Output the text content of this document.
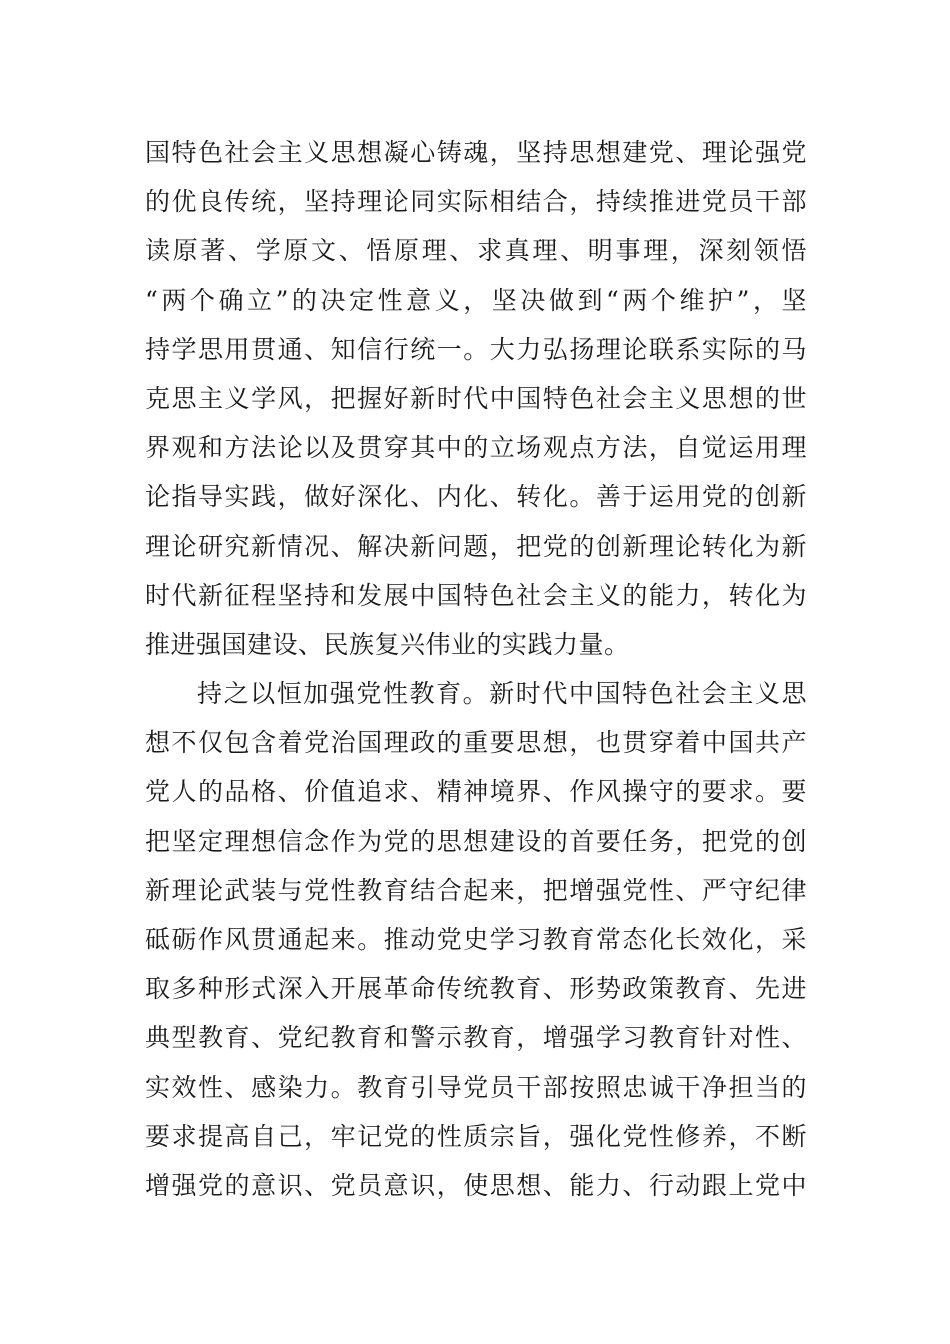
国特色社会主义思想凝心铸魂，坚持思想建党、理论强党
的优良传统，坚持理论同实际相结合，持续推进党员干部
读原著、学原文、悟原理、求真理、明事理，深刻领悟
“两个确立”的决定性意义，坚决做到“两个维护”，坚
持学思用贯通、知信行统一。大力弘扬理论联系实际的马
克思主义学风，把握好新时代中国特色社会主义思想的世
界观和方法论以及贯穿其中的立场观点方法，自觉运用理
论指导实践，做好深化、内化、转化。善于运用党的创新
理论研究新情况、解决新问题，把党的创新理论转化为新
时代新征程坚持和发展中国特色社会主义的能力，转化为
推进强国建设、民族复兴伟业的实践力量。
持之以恒加强党性教育。新时代中国特色社会主义思
想不仅包含着党治国理政的重要思想，也贯穿着中国共产
党人的品格、价值追求、精神境界、作风操守的要求。要
把坚定理想信念作为党的思想建设的首要任务，把党的创
新理论武装与党性教育结合起来，把增强党性、严守纪律
砥砺作风贯通起来。推动党史学习教育常态化长效化，采
取多种形式深入开展革命传统教育、形势政策教育、先进
典型教育、党纪教育和警示教育，增强学习教育针对性、
实效性、感染力。教育引导党员干部按照忠诚干净担当的
要求提高自己，牢记党的性质宗旨，强化党性修养，不断
增强党的意识、党员意识，使思想、能力、行动跟上党中
